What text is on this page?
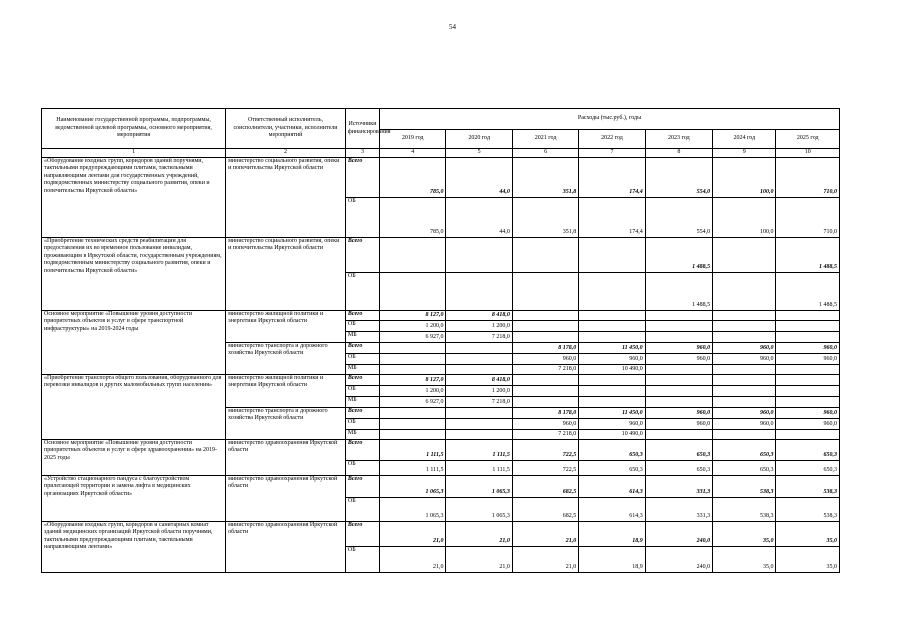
54
Наименование государственной программы, подпрограммы, ведомственной целевой программы, основного мероприятия, мероприятия	Ответственный исполнитель, соисполнители, участники, исполнители мероприятий	Источники финансирования	Расходы (тыс.руб.), годы						
			2019 год	2020 год	2021 год	2022 год	2023 год	2024 год	2025 год
1	2	3	4	5	6	7	8	9	10
«Оборудование входных групп, коридоров зданий поручнями, тактильными предупреждающими плитами, тактильными направляющими лентами для государственных учреждений, подведомственных министерству социального развития, опеки и попечительства Иркутской области»	министерство социального развития, опеки и попечительства Иркутской области	Всего	785,0	44,0	351,8	174,4	554,0	100,0	710,0
		ОБ	785,0	44,0	351,8	174,4	554,0	100,0	710,0
«Приобретение технических средств реабилитации для предоставления их во временное пользование инвалидам, проживающим в Иркутской области, государственным учреждениям, подведомственным министерству социального развития, опеки и попечительства Иркутской области»	министерство социального развития, опеки и попечительства Иркутской области	Всего					1 488,5		1 488,5
		ОБ					1 488,5		1 488,5
Основное мероприятие «Повышение уровня доступности приоритетных объектов и услуг в сфере транспортной инфраструктуры» на 2019-2024 годы	министерство жилищной политики и энергетики Иркутской области	Всего	8 127,0	8 418,0					
		ОБ	1 200,0	1 200,0					
		МБ	6 927,0	7 218,0					
	министерство транспорта и дорожного хозяйства Иркутской области	Всего			8 178,0	11 450,0	960,0	960,0	960,0
		ОБ			960,0	960,0	960,0	960,0	960,0
		МБ			7 218,0	10 490,0			
«Приобретение транспорта общего пользования, оборудованного для перевозки инвалидов и других маломобильных групп населения»	министерство жилищной политики и энергетики Иркутской области	Всего	8 127,0	8 418,0					
		ОБ	1 200,0	1 200,0					
		МБ	6 927,0	7 218,0					
	министерство транспорта и дорожного хозяйства Иркутской области	Всего			8 178,0	11 450,0	960,0	960,0	960,0
		ОБ			960,0	960,0	960,0	960,0	960,0
		МБ			7 218,0	10 490,0			
Основное мероприятие «Повышение уровня доступности приоритетных объектов и услуг в сфере здравоохранения» на 2019-2025 годы	министерство здравоохранения Иркутской области	Всего	1 111,5	1 111,5	722,5	650,3	650,3	650,3	650,3
		ОБ	1 111,5	1 111,5	722,5	650,3	650,3	650,3	650,3
«Устройство стационарного пандуса с благоустройством прилегающей территории и замена лифта в медицинских организациях Иркутской области»	министерство здравоохранения Иркутской области	Всего	1 065,3	1 065,3	682,5	614,3	331,3	538,3	538,3
		ОБ	1 065,3	1 065,3	682,5	614,3	331,3	538,3	538,3
«Оборудование входных групп, коридоров и санитарных комнат зданий медицинских организаций Иркутской области поручнями, тактильными предупреждающими плитами, тактильными направляющими лентами»	министерство здравоохранения Иркутской области	Всего	21,0	21,0	21,0	18,9	240,0	35,0	35,0
		ОБ	21,0	21,0	21,0	18,9	240,0	35,0	35,0
